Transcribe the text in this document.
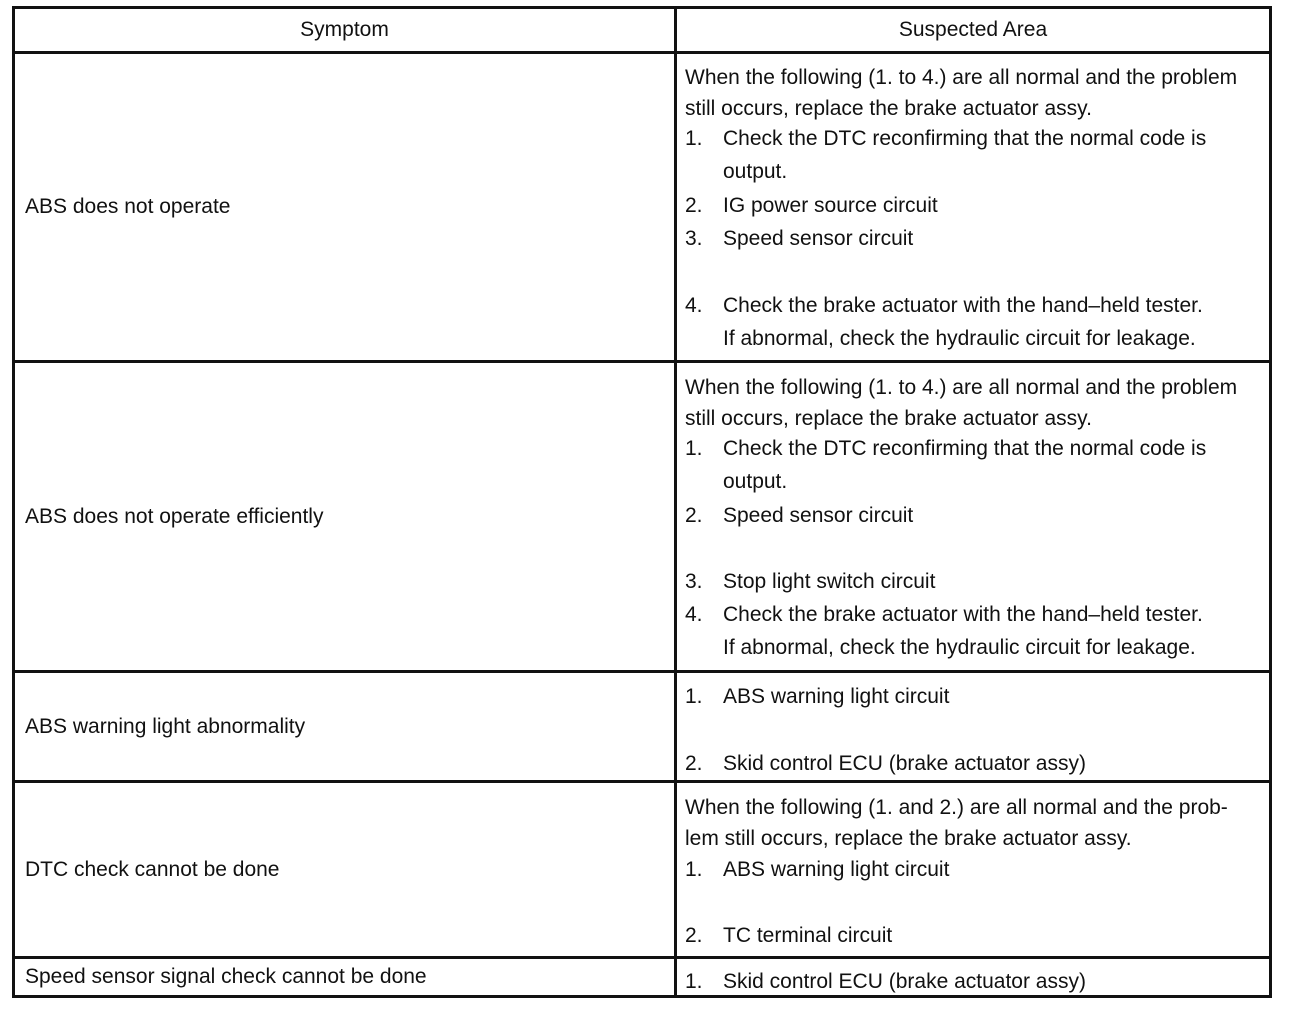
Symptom	Suspected Area
ABS does not operate
When the following (1. to 4.) are all normal and the problem
still occurs, replace the brake actuator assy.
1. Check the DTC reconfirming that the normal code is
output.
2. IG power source circuit
3. Speed sensor circuit
4. Check the brake actuator with the hand–held tester.
If abnormal, check the hydraulic circuit for leakage.
ABS does not operate efficiently
When the following (1. to 4.) are all normal and the problem
still occurs, replace the brake actuator assy.
1. Check the DTC reconfirming that the normal code is
output.
2. Speed sensor circuit
3. Stop light switch circuit
4. Check the brake actuator with the hand–held tester.
If abnormal, check the hydraulic circuit for leakage.
ABS warning light abnormality
1. ABS warning light circuit
2. Skid control ECU (brake actuator assy)
DTC check cannot be done
When the following (1. and 2.) are all normal and the prob-
lem still occurs, replace the brake actuator assy.
1. ABS warning light circuit
2. TC terminal circuit
Speed sensor signal check cannot be done	1. Skid control ECU (brake actuator assy)
